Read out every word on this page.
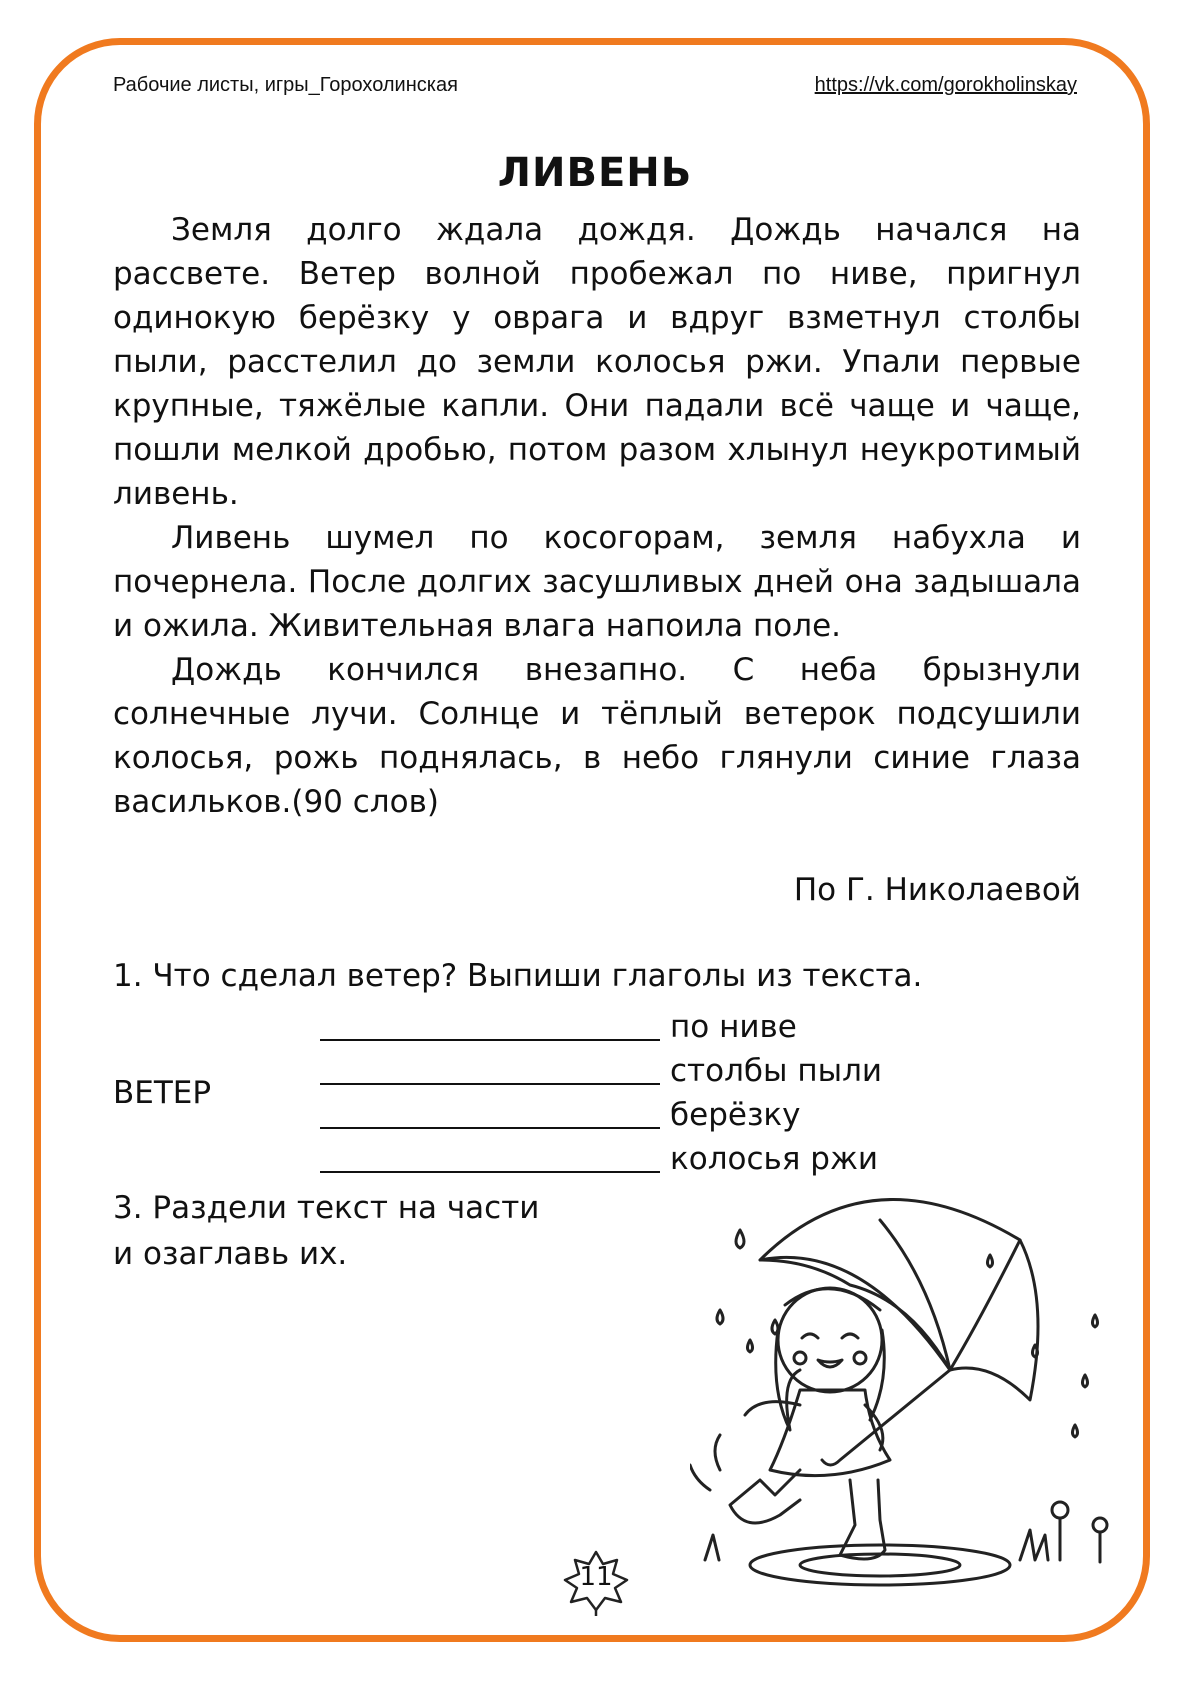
Рабочие листы, игры_Горохолинская	https://vk.com/gorokholinskay
ЛИВЕНЬ

Земля долго ждала дождя. Дождь начался на рассвете. Ветер волной пробежал по ниве, пригнул одинокую берёзку у оврага и вдруг взметнул столбы пыли, расстелил до земли колосья ржи. Упали первые крупные, тяжёлые капли. Они падали всё чаще и чаще, пошли мелкой дробью, потом разом хлынул неукротимый ливень.

Ливень шумел по косогорам, земля набухла и почернела. После долгих засушливых дней она задышала и ожила. Живительная влага напоила поле.

Дождь кончился внезапно. С неба брызнули солнечные лучи. Солнце и тёплый ветерок подсушили колосья, рожь поднялась, в небо глянули синие глаза васильков.(90 слов)

По Г. Николаевой
1. Что сделал ветер? Выпиши глаголы из текста.
ВЕТЕР
по ниве
столбы пыли
берёзку
колосья ржи
3. Раздели текст на части
и озаглавь их.
11
